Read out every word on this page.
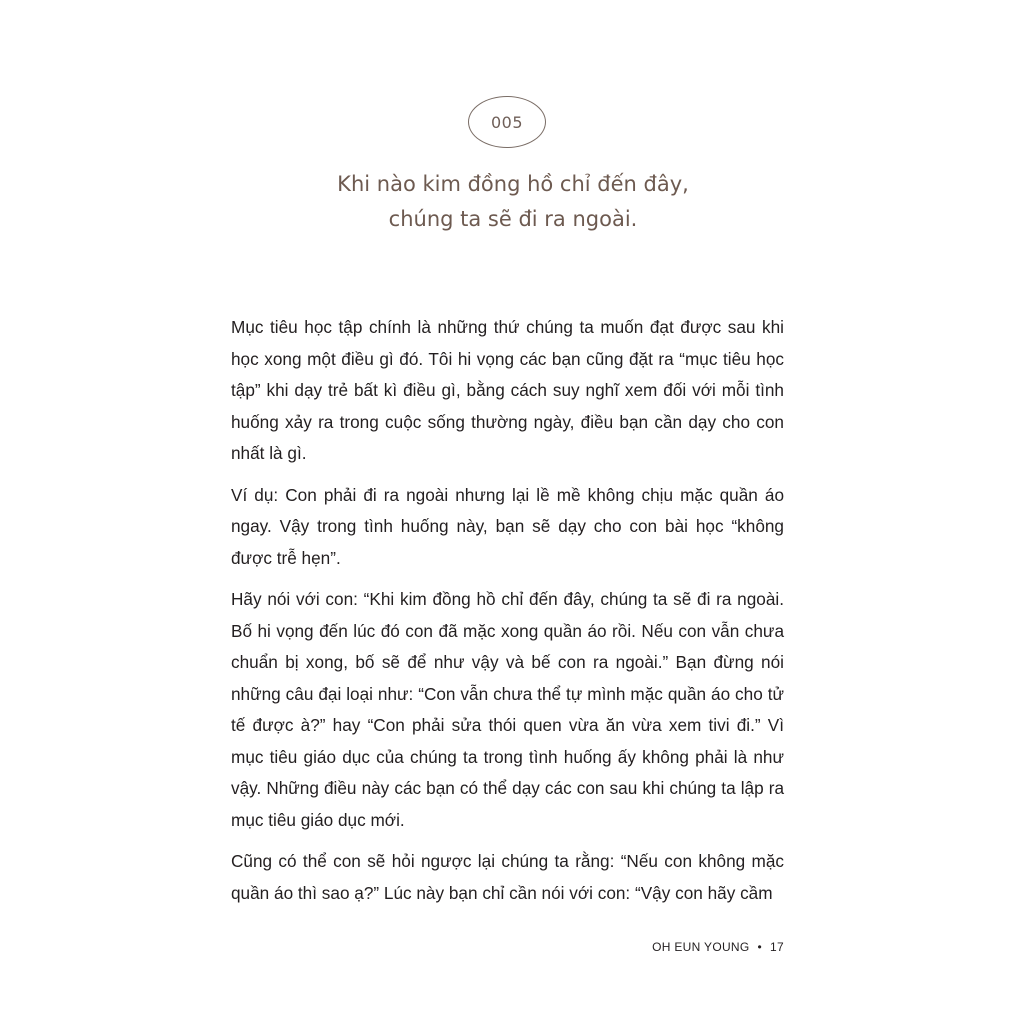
005
Khi nào kim đồng hồ chỉ đến đây,
chúng ta sẽ đi ra ngoài.

Mục tiêu học tập chính là những thứ chúng ta muốn đạt được sau khi học xong một điều gì đó. Tôi hi vọng các bạn cũng đặt ra “mục tiêu học tập” khi dạy trẻ bất kì điều gì, bằng cách suy nghĩ xem đối với mỗi tình huống xảy ra trong cuộc sống thường ngày, điều bạn cần dạy cho con nhất là gì.

Ví dụ: Con phải đi ra ngoài nhưng lại lề mề không chịu mặc quần áo ngay. Vậy trong tình huống này, bạn sẽ dạy cho con bài học “không được trễ hẹn”.

Hãy nói với con: “Khi kim đồng hồ chỉ đến đây, chúng ta sẽ đi ra ngoài. Bố hi vọng đến lúc đó con đã mặc xong quần áo rồi. Nếu con vẫn chưa chuẩn bị xong, bố sẽ để như vậy và bế con ra ngoài.” Bạn đừng nói những câu đại loại như: “Con vẫn chưa thể tự mình mặc quần áo cho tử tế được à?” hay “Con phải sửa thói quen vừa ăn vừa xem tivi đi.” Vì mục tiêu giáo dục của chúng ta trong tình huống ấy không phải là như vậy. Những điều này các bạn có thể dạy các con sau khi chúng ta lập ra mục tiêu giáo dục mới.

Cũng có thể con sẽ hỏi ngược lại chúng ta rằng: “Nếu con không mặc quần áo thì sao ạ?” Lúc này bạn chỉ cần nói với con: “Vậy con hãy cầm

OH EUN YOUNG • 17
